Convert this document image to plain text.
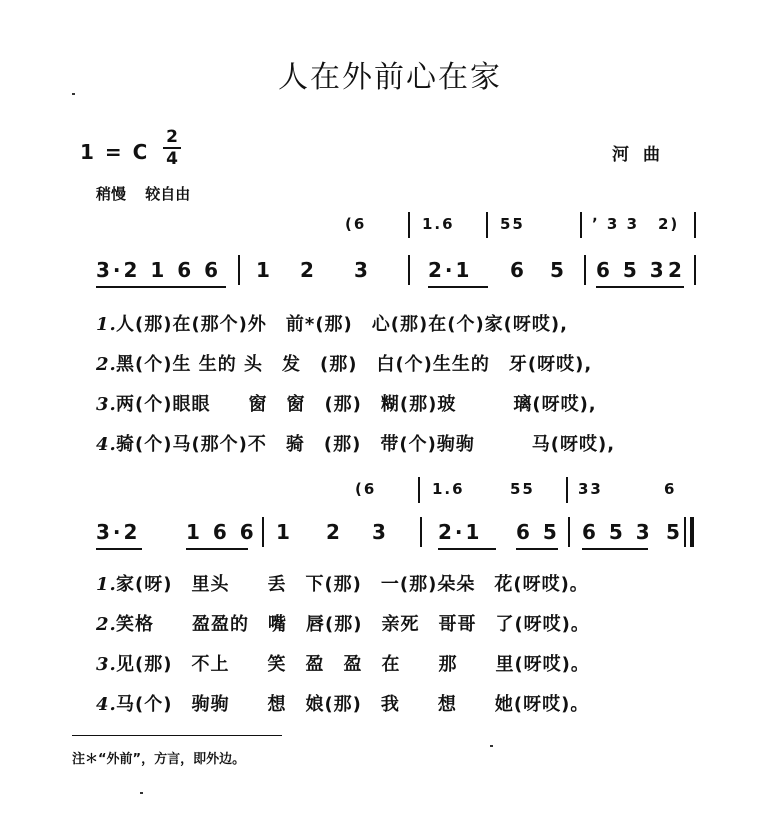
人在外前心在家
1 = C
2
4	河曲
稍慢 较自由
(6	1.6	55	ʼ 3 3 2)
3·2 1 6 6 1 2 3	2·1 6 5 6 5 3 2
1.人(那)在(那个)外　前*(那)　心(那)在(个)家(呀哎),
2.黑(个)生 生的 头　发　(那)　白(个)生生的　牙(呀哎),
3.两(个)眼眼　　窗　窗　(那)　糊(那)玻　　　璃(呀哎),
4.骑(个)马(那个)不　骑　(那)　带(个)驹驹　　　马(呀哎),
(6	1.6	55	33	6
3·2 1 6 6 1 2 3 2·1 6 5 6 5 3 5
1.家(呀)　里头　　丢　下(那)　一(那)朵朵　花(呀哎)。
2.笑格　　盈盈的　嘴　唇(那)　亲死　哥哥　了(呀哎)。
3.见(那)　不上　　笑　盈　盈　在　　那　　里(呀哎)。
4.马(个)　驹驹　　想　娘(那)　我　　想　　她(呀哎)。
注＊“外前”，方言，即外边。
